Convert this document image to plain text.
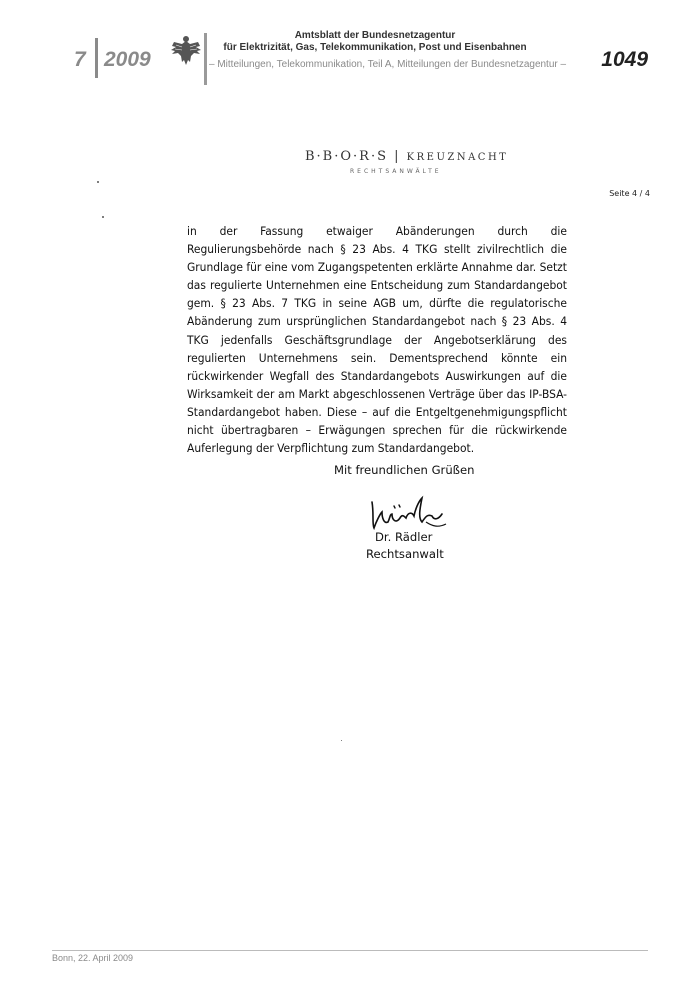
7 2009
Amtsblatt der Bundesnetzagentur
für Elektrizität, Gas, Telekommunikation, Post und Eisenbahnen
– Mitteilungen, Telekommunikation, Teil A, Mitteilungen der Bundesnetzagentur – 1049
B·B·O·R·S | KREUZNACHT
RECHTSANWÄLTE
Seite 4 / 4
in der Fassung etwaiger Abänderungen durch die Regulierungsbehörde nach § 23 Abs. 4 TKG stellt zivilrechtlich die Grundlage für eine vom Zugangspetenten erklärte Annahme dar. Setzt das regulierte Unternehmen eine Entscheidung zum Standardangebot gem. § 23 Abs. 7 TKG in seine AGB um, dürfte die regulatorische Abänderung zum ursprünglichen Standardangebot nach § 23 Abs. 4 TKG jedenfalls Geschäftsgrundlage der Angebotserklärung des regulierten Unternehmens sein. Dementsprechend könnte ein rückwirkender Wegfall des Standardangebots Auswirkungen auf die Wirksamkeit der am Markt abgeschlossenen Verträge über das IP-BSA-Standardangebot haben. Diese – auf die Entgeltgenehmigungspflicht nicht übertragbaren – Erwägungen sprechen für die rückwirkende Auferlegung der Verpflichtung zum Standardangebot.
Mit freundlichen Grüßen
Dr. Rädler
Rechtsanwalt
Bonn, 22. April 2009
